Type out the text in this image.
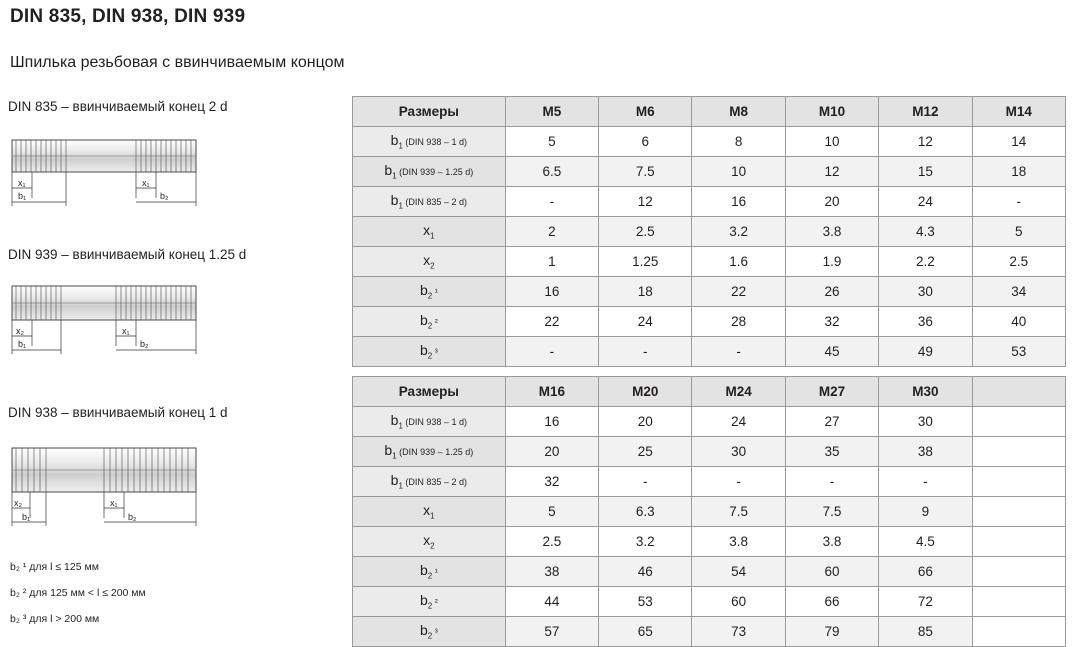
DIN 835, DIN 938, DIN 939
Шпилька резьбовая с ввинчиваемым концом
DIN 835 – ввинчиваемый конец 2 d
x₁
b₁
x₁
b₂
DIN 939 – ввинчиваемый конец 1.25 d
x₂
b₁
x₁
b₂
DIN 938 – ввинчиваемый конец 1 d
x₂
b₁
x₁
b₂
b₂ ¹ для l ≤ 125 мм
b₂ ² для 125 мм < l ≤ 200 мм
b₂ ³ для l > 200 мм
Размеры	M5	M6	M8	M10	M12	M14
$b_1$ (DIN 938 – 1 d)	5	6	8	10	12	14
$b_1$ (DIN 939 – 1.25 d)	6.5	7.5	10	12	15	18
$b_1$ (DIN 835 – 2 d)	-	12	16	20	24	-
$x_1$	2	2.5	3.2	3.8	4.3	5
$x_2$	1	1.25	1.6	1.9	2.2	2.5
$b_2$ ¹	16	18	22	26	30	34
$b_2$ ²	22	24	28	32	36	40
$b_2$ ³	-	-	-	45	49	53
Размеры	M16	M20	M24	M27	M30	
$b_1$ (DIN 938 – 1 d)	16	20	24	27	30	
$b_1$ (DIN 939 – 1.25 d)	20	25	30	35	38	
$b_1$ (DIN 835 – 2 d)	32	-	-	-	-	
$x_1$	5	6.3	7.5	7.5	9	
$x_2$	2.5	3.2	3.8	3.8	4.5	
$b_2$ ¹	38	46	54	60	66	
$b_2$ ²	44	53	60	66	72	
$b_2$ ³	57	65	73	79	85	
